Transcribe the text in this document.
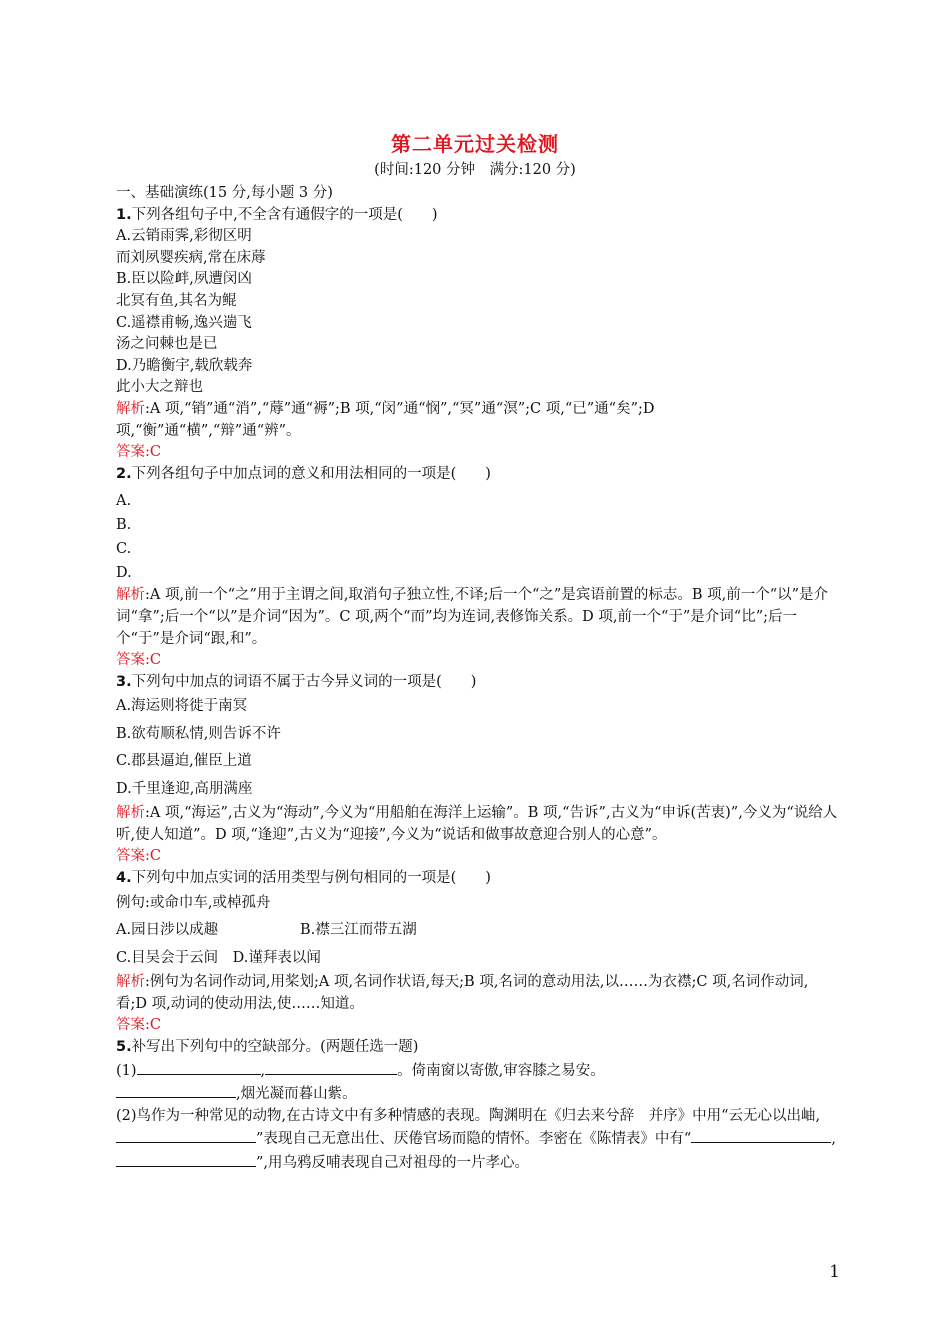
第二单元过关检测
(时间:120 分钟　满分:120 分)
一、基础演练(15 分,每小题 3 分)
1.下列各组句子中,不全含有通假字的一项是(　　)
A.云销雨霁,彩彻区明
而刘夙婴疾病,常在床蓐
B.臣以险衅,夙遭闵凶
北冥有鱼,其名为鲲
C.遥襟甫畅,逸兴遄飞
汤之问棘也是已
D.乃瞻衡宇,载欣载奔
此小大之辩也
解析:A 项,“销”通“消”,“蓐”通“褥”;B 项,“闵”通“悯”,“冥”通“溟”;C 项,“已”通“矣”;D 项,“衡”通“横”,“辩”通“辨”。
答案:C
2.下列各组句子中加点词的意义和用法相同的一项是(　　)
A.
B.
C.
D.
解析:A 项,前一个“之”用于主谓之间,取消句子独立性,不译;后一个“之”是宾语前置的标志。B 项,前一个“以”是介词“拿”;后一个“以”是介词“因为”。C 项,两个“而”均为连词,表修饰关系。D 项,前一个“于”是介词“比”;后一个“于”是介词“跟,和”。
答案:C
3.下列句中加点的词语不属于古今异义词的一项是(　　)
A.海运则将徙于南冥
B.欲苟顺私情,则告诉不许
C.郡县逼迫,催臣上道
D.千里逢迎,高朋满座
解析:A 项,“海运”,古义为“海动”,今义为“用船舶在海洋上运输”。B 项,“告诉”,古义为“申诉(苦衷)”,今义为“说给人听,使人知道”。D 项,“逢迎”,古义为“迎接”,今义为“说话和做事故意迎合别人的心意”。
答案:C
4.下列句中加点实词的活用类型与例句相同的一项是(　　)
例句:或命巾车,或棹孤舟
A.园日涉以成趣	B.襟三江而带五湖
C.目吴会于云间　D.谨拜表以闻
解析:例句为名词作动词,用桨划;A 项,名词作状语,每天;B 项,名词的意动用法,以……为衣襟;C 项,名词作动词,看;D 项,动词的使动用法,使……知道。
答案:C
5.补写出下列句中的空缺部分。(两题任选一题)
(1)	,	。倚南窗以寄傲,审容膝之易安。
,烟光凝而暮山紫。
(2)鸟作为一种常见的动物,在古诗文中有多种情感的表现。陶渊明在《归去来兮辞　并序》中用“云无心以出岫,”表现自己无意出仕、厌倦官场而隐的情怀。李密在《陈情表》中有“	,”,用乌鸦反哺表现自己对祖母的一片孝心。
1
